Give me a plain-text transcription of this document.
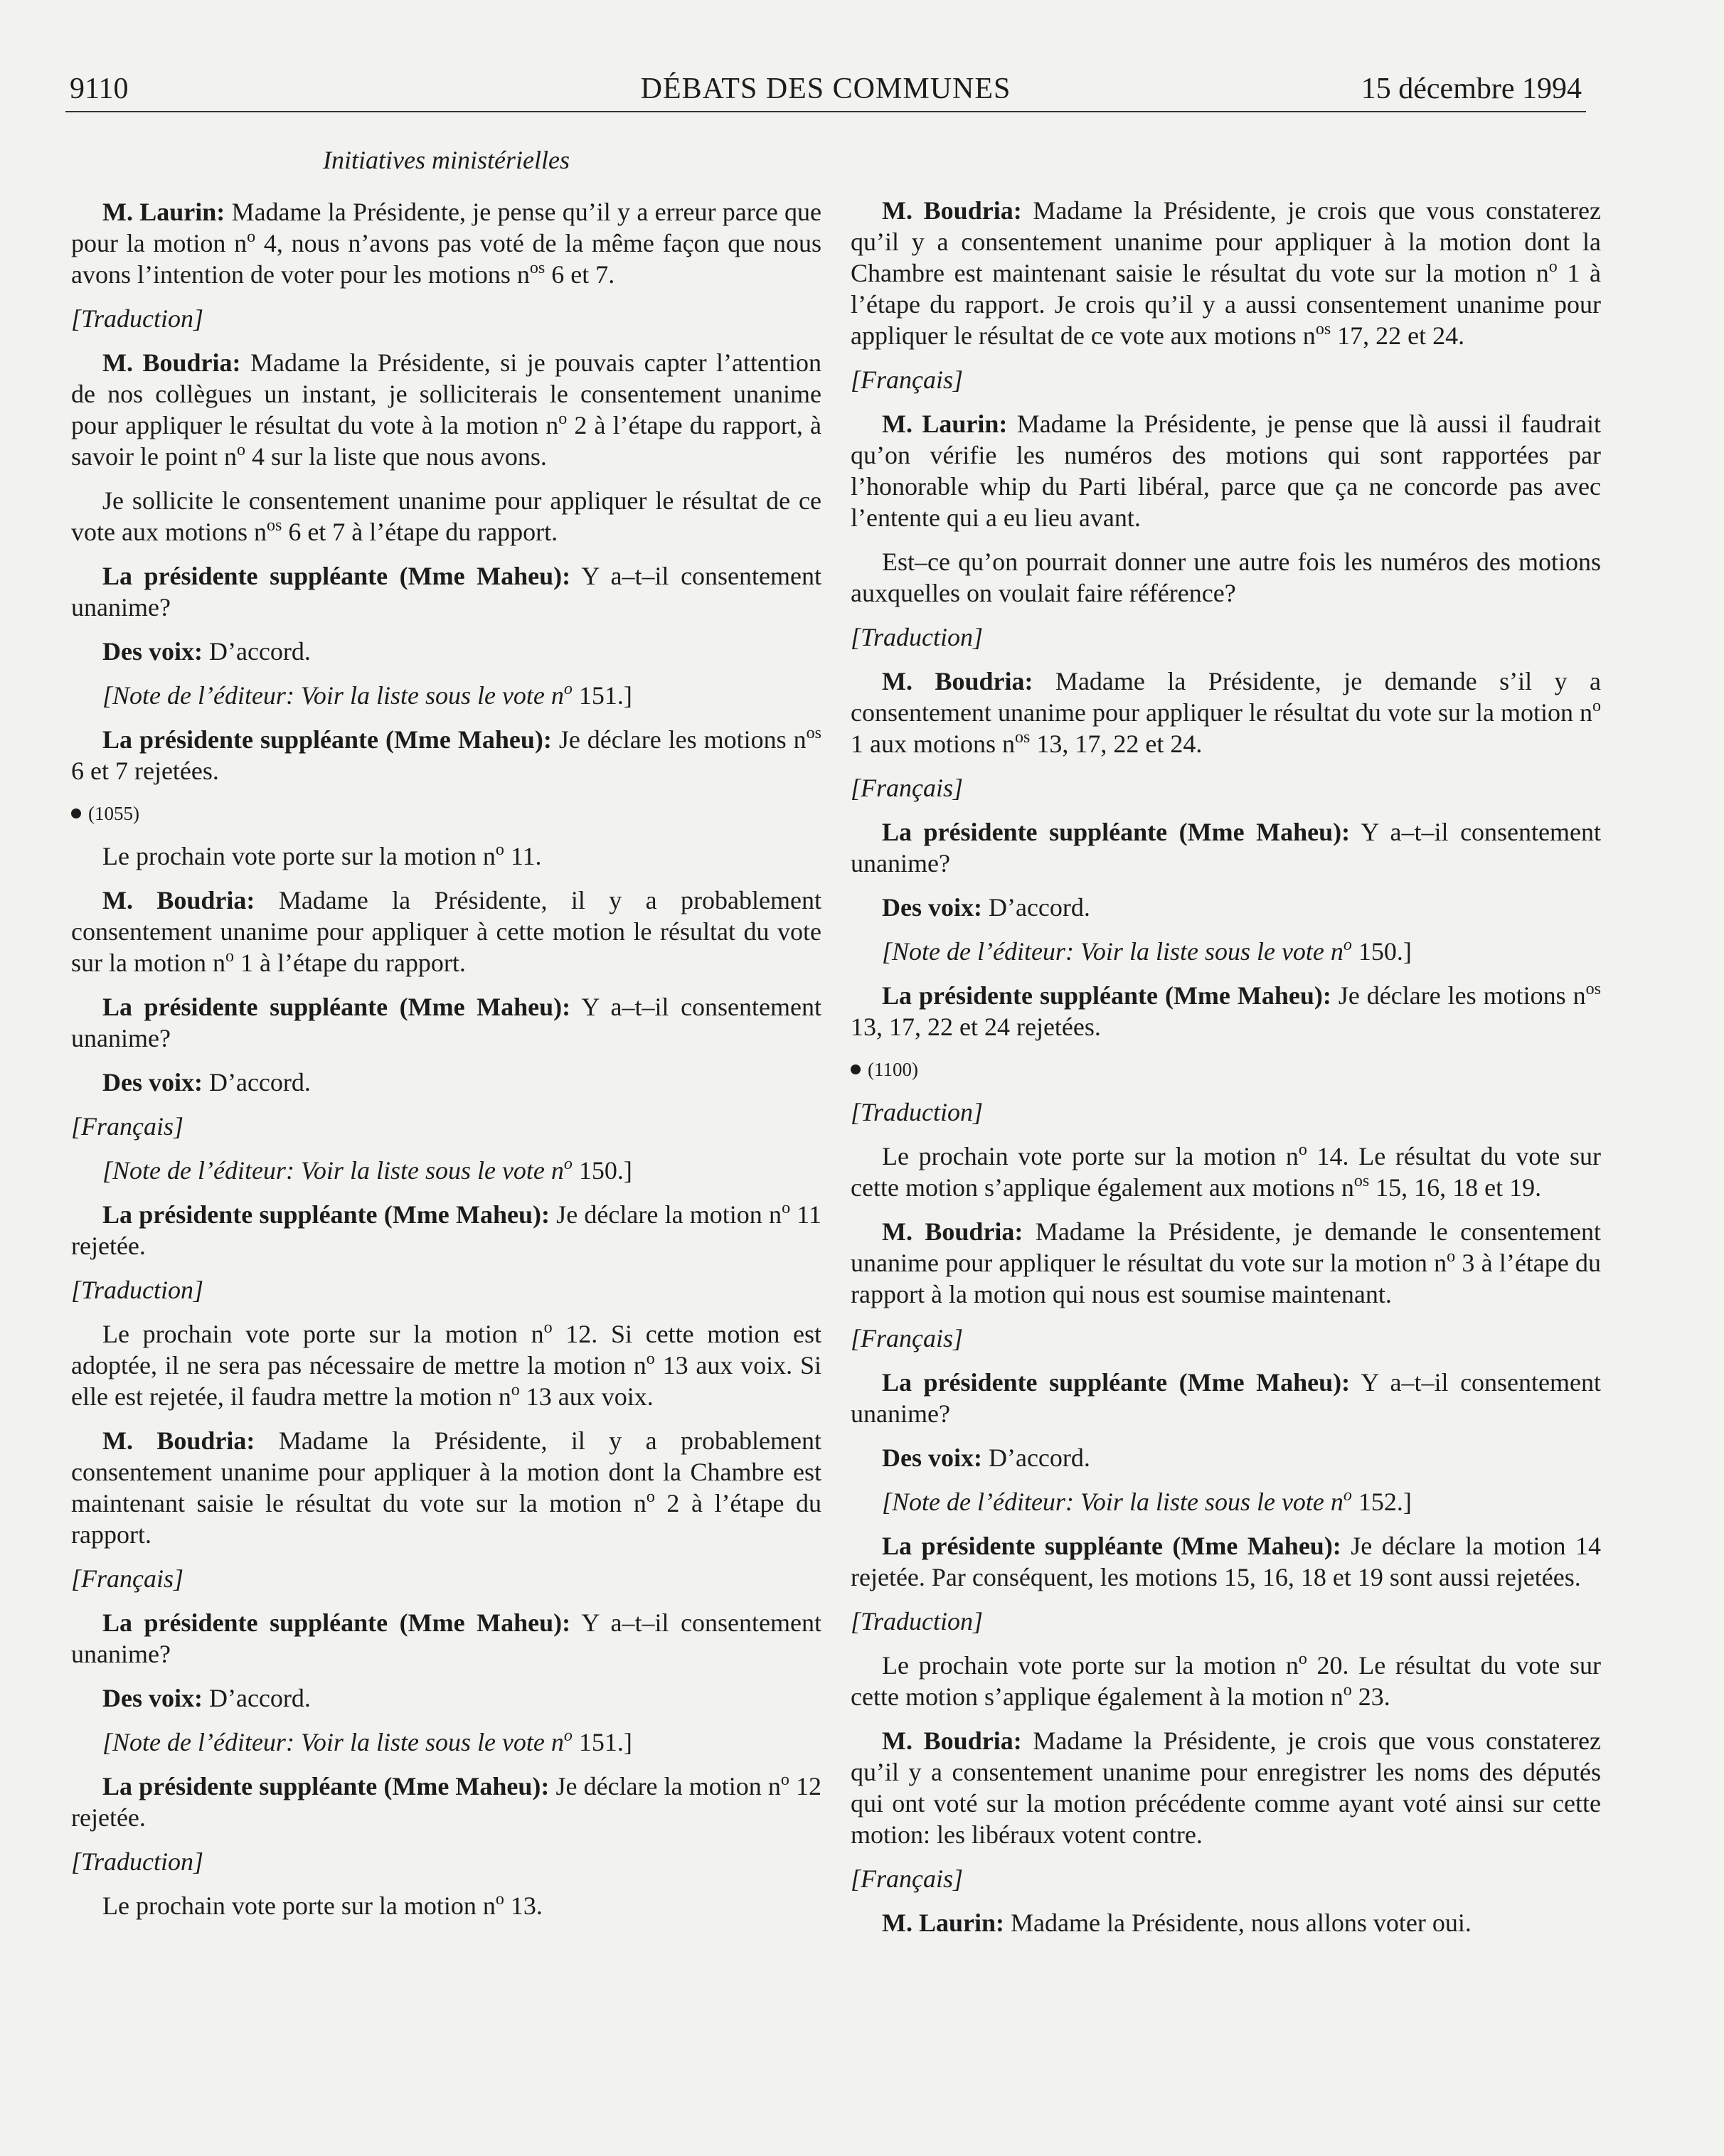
9110	DÉBATS DES COMMUNES	15 décembre 1994
Initiatives ministérielles

M. Laurin: Madame la Présidente, je pense qu’il y a erreur parce que pour la motion $n^o$ 4, nous n’avons pas voté de la même façon que nous avons l’intention de voter pour les motions $n^{os}$ 6 et 7.

[Traduction]

M. Boudria: Madame la Présidente, si je pouvais capter l’attention de nos collègues un instant, je solliciterais le consentement unanime pour appliquer le résultat du vote à la motion $n^o$ 2 à l’étape du rapport, à savoir le point $n^o$ 4 sur la liste que nous avons.

Je sollicite le consentement unanime pour appliquer le résultat de ce vote aux motions $n^{os}$ 6 et 7 à l’étape du rapport.

La présidente suppléante (Mme Maheu): Y a–t–il consentement unanime?

Des voix: D’accord.

[Note de l’éditeur: Voir la liste sous le vote $n^o$ 151.]

La présidente suppléante (Mme Maheu): Je déclare les motions $n^{os}$ 6 et 7 rejetées.

(1055)

Le prochain vote porte sur la motion $n^o$ 11.

M. Boudria: Madame la Présidente, il y a probablement consentement unanime pour appliquer à cette motion le résultat du vote sur la motion $n^o$ 1 à l’étape du rapport.

La présidente suppléante (Mme Maheu): Y a–t–il consentement unanime?

Des voix: D’accord.

[Français]

[Note de l’éditeur: Voir la liste sous le vote $n^o$ 150.]

La présidente suppléante (Mme Maheu): Je déclare la motion $n^o$ 11 rejetée.

[Traduction]

Le prochain vote porte sur la motion $n^o$ 12. Si cette motion est adoptée, il ne sera pas nécessaire de mettre la motion $n^o$ 13 aux voix. Si elle est rejetée, il faudra mettre la motion $n^o$ 13 aux voix.

M. Boudria: Madame la Présidente, il y a probablement consentement unanime pour appliquer à la motion dont la Chambre est maintenant saisie le résultat du vote sur la motion $n^o$ 2 à l’étape du rapport.

[Français]

La présidente suppléante (Mme Maheu): Y a–t–il consentement unanime?

Des voix: D’accord.

[Note de l’éditeur: Voir la liste sous le vote $n^o$ 151.]

La présidente suppléante (Mme Maheu): Je déclare la motion $n^o$ 12 rejetée.

[Traduction]

Le prochain vote porte sur la motion $n^o$ 13.

M. Boudria: Madame la Présidente, je crois que vous constaterez qu’il y a consentement unanime pour appliquer à la motion dont la Chambre est maintenant saisie le résultat du vote sur la motion $n^o$ 1 à l’étape du rapport. Je crois qu’il y a aussi consentement unanime pour appliquer le résultat de ce vote aux motions $n^{os}$ 17, 22 et 24.

[Français]

M. Laurin: Madame la Présidente, je pense que là aussi il faudrait qu’on vérifie les numéros des motions qui sont rapportées par l’honorable whip du Parti libéral, parce que ça ne concorde pas avec l’entente qui a eu lieu avant.

Est–ce qu’on pourrait donner une autre fois les numéros des motions auxquelles on voulait faire référence?

[Traduction]

M. Boudria: Madame la Présidente, je demande s’il y a consentement unanime pour appliquer le résultat du vote sur la motion $n^o$ 1 aux motions $n^{os}$ 13, 17, 22 et 24.

[Français]

La présidente suppléante (Mme Maheu): Y a–t–il consentement unanime?

Des voix: D’accord.

[Note de l’éditeur: Voir la liste sous le vote $n^o$ 150.]

La présidente suppléante (Mme Maheu): Je déclare les motions $n^{os}$ 13, 17, 22 et 24 rejetées.

(1100)

[Traduction]

Le prochain vote porte sur la motion $n^o$ 14. Le résultat du vote sur cette motion s’applique également aux motions $n^{os}$ 15, 16, 18 et 19.

M. Boudria: Madame la Présidente, je demande le consentement unanime pour appliquer le résultat du vote sur la motion $n^o$ 3 à l’étape du rapport à la motion qui nous est soumise maintenant.

[Français]

La présidente suppléante (Mme Maheu): Y a–t–il consentement unanime?

Des voix: D’accord.

[Note de l’éditeur: Voir la liste sous le vote $n^o$ 152.]

La présidente suppléante (Mme Maheu): Je déclare la motion 14 rejetée. Par conséquent, les motions 15, 16, 18 et 19 sont aussi rejetées.

[Traduction]

Le prochain vote porte sur la motion $n^o$ 20. Le résultat du vote sur cette motion s’applique également à la motion $n^o$ 23.

M. Boudria: Madame la Présidente, je crois que vous constaterez qu’il y a consentement unanime pour enregistrer les noms des députés qui ont voté sur la motion précédente comme ayant voté ainsi sur cette motion: les libéraux votent contre.

[Français]

M. Laurin: Madame la Présidente, nous allons voter oui.
